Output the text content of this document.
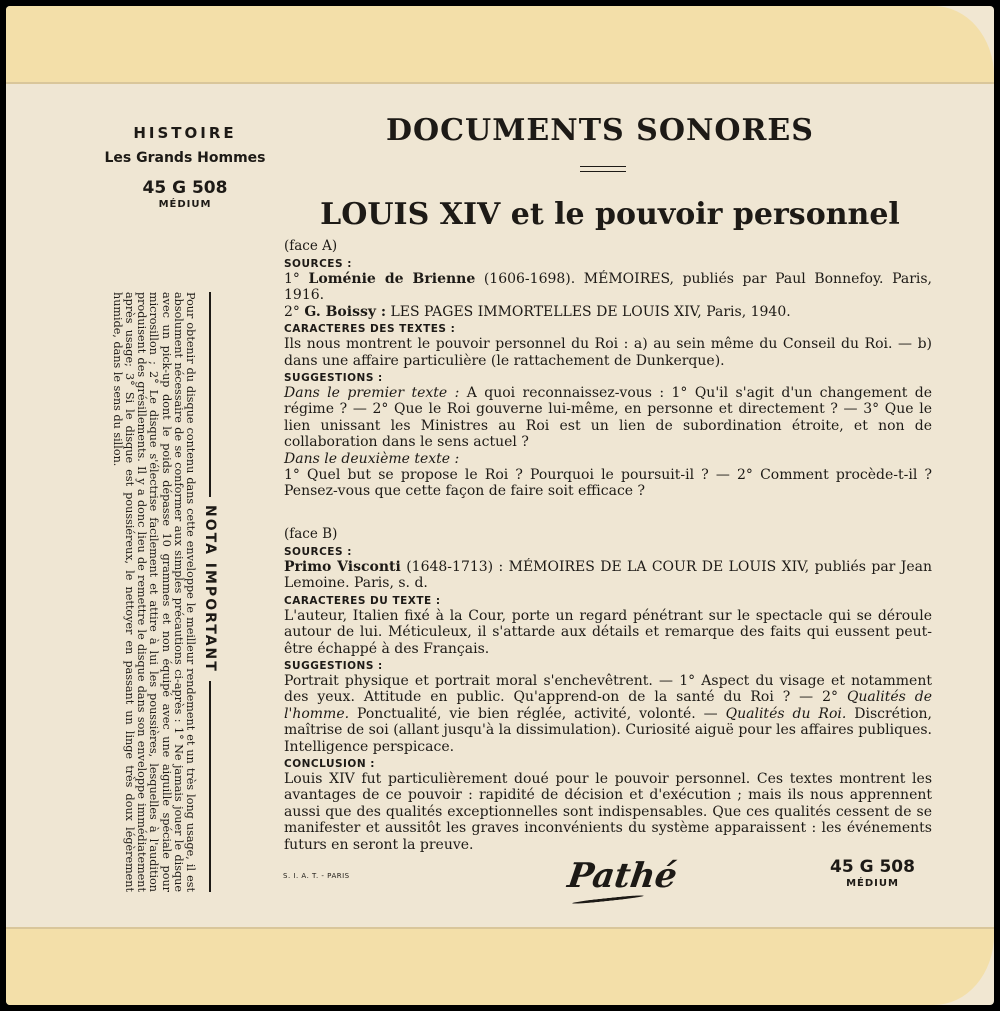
HISTOIRE

Les Grands Hommes

45 G 508

MÉDIUM

NOTA IMPORTANT

Pour obtenir du disque contenu dans cette enveloppe le meilleur rendement et un très long usage, il est absolument nécessaire de se conformer aux simples précautions ci-après : 1° Ne jamais jouer le disque avec un pick-up dont le poids dépasse 10 grammes et non équipé avec une aiguille spéciale pour microsillon ; 2° Le disque s'électrise facilement et attire à lui les poussières, lesquelles à l'audition produisent des grésillements. Il y a donc lieu de remettre le disque dans son enveloppe immédiatement après usage; 3° Si le disque est poussiéreux, le nettoyer en passant un linge très doux légèrement humide, dans le sens du sillon.

DOCUMENTS SONORES
LOUIS XIV et le pouvoir personnel

(face A)

SOURCES :

1° Loménie de Brienne (1606-1698). MÉMOIRES, publiés par Paul Bonnefoy. Paris, 1916.

2° G. Boissy : LES PAGES IMMORTELLES DE LOUIS XIV, Paris, 1940.

CARACTERES DES TEXTES :

Ils nous montrent le pouvoir personnel du Roi : a) au sein même du Conseil du Roi. — b) dans une affaire particulière (le rattachement de Dunkerque).

SUGGESTIONS :

Dans le premier texte : A quoi reconnaissez-vous : 1° Qu'il s'agit d'un changement de régime ? — 2° Que le Roi gouverne lui-même, en personne et directement ? — 3° Que le lien unissant les Ministres au Roi est un lien de subordination étroite, et non de collaboration dans le sens actuel ?

Dans le deuxième texte :

1° Quel but se propose le Roi ? Pourquoi le poursuit-il ? — 2° Comment procède-t-il ? Pensez-vous que cette façon de faire soit efficace ?

(face B)

SOURCES :

Primo Visconti (1648-1713) : MÉMOIRES DE LA COUR DE LOUIS XIV, publiés par Jean Lemoine. Paris, s. d.

CARACTERES DU TEXTE :

L'auteur, Italien fixé à la Cour, porte un regard pénétrant sur le spectacle qui se déroule autour de lui. Méticuleux, il s'attarde aux détails et remarque des faits qui eussent peut-être échappé à des Français.

SUGGESTIONS :

Portrait physique et portrait moral s'enchevêtrent. — 1° Aspect du visage et notamment des yeux. Attitude en public. Qu'apprend-on de la santé du Roi ? — 2° Qualités de l'homme. Ponctualité, vie bien réglée, activité, volonté. — Qualités du Roi. Discrétion, maîtrise de soi (allant jusqu'à la dissimulation). Curiosité aiguë pour les affaires publiques. Intelligence perspicace.

CONCLUSION :

Louis XIV fut particulièrement doué pour le pouvoir personnel. Ces textes montrent les avantages de ce pouvoir : rapidité de décision et d'exécution ; mais ils nous apprennent aussi que des qualités exceptionnelles sont indispensables. Que ces qualités cessent de se manifester et aussitôt les graves inconvénients du système apparaissent : les événements futurs en seront la preuve.

S. I. A. T. - PARIS	Pathé	45 G 508

MÉDIUM
